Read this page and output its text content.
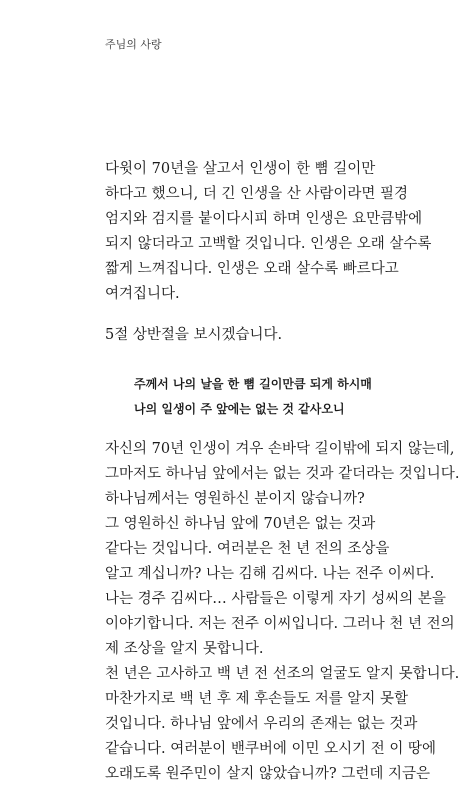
주님의 사랑
다윗이 70년을 살고서 인생이 한 뼘 길이만
하다고 했으니, 더 긴 인생을 산 사람이라면 필경
엄지와 검지를 붙이다시피 하며 인생은 요만큼밖에
되지 않더라고 고백할 것입니다. 인생은 오래 살수록
짧게 느껴집니다. 인생은 오래 살수록 빠르다고
여겨집니다.
5절 상반절을 보시겠습니다.
주께서 나의 날을 한 뼘 길이만큼 되게 하시매
나의 일생이 주 앞에는 없는 것 같사오니
자신의 70년 인생이 겨우 손바닥 길이밖에 되지 않는데,
그마저도 하나님 앞에서는 없는 것과 같더라는 것입니다.
하나님께서는 영원하신 분이지 않습니까?
그 영원하신 하나님 앞에 70년은 없는 것과
같다는 것입니다. 여러분은 천 년 전의 조상을
알고 계십니까? 나는 김해 김씨다. 나는 전주 이씨다.
나는 경주 김씨다… 사람들은 이렇게 자기 성씨의 본을
이야기합니다. 저는 전주 이씨입니다. 그러나 천 년 전의
제 조상을 알지 못합니다.
천 년은 고사하고 백 년 전 선조의 얼굴도 알지 못합니다.
마찬가지로 백 년 후 제 후손들도 저를 알지 못할
것입니다. 하나님 앞에서 우리의 존재는 없는 것과
같습니다. 여러분이 밴쿠버에 이민 오시기 전 이 땅에
오래도록 원주민이 살지 않았습니까? 그런데 지금은
